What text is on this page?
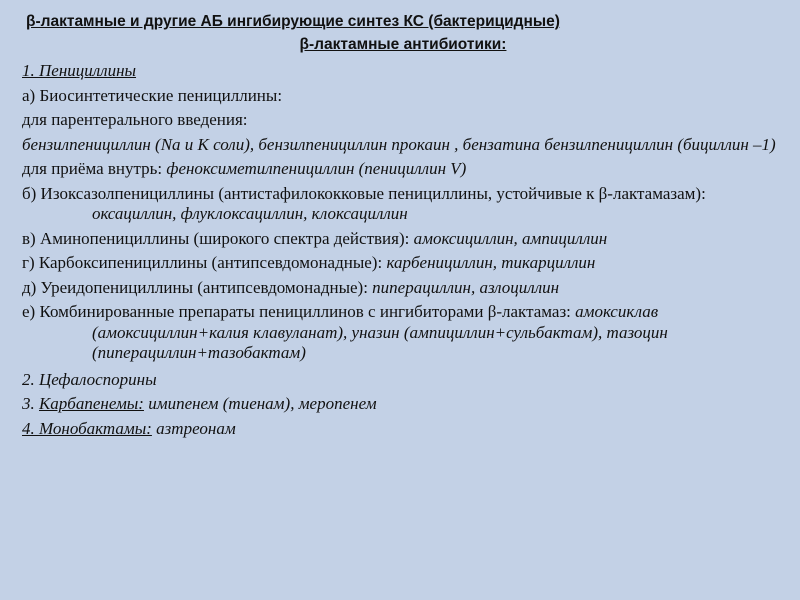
β-лактамные и другие АБ ингибирующие синтез КС (бактерицидные)
β-лактамные антибиотики:
1. Пенициллины
а) Биосинтетические пенициллины:
для парентерального введения:
бензилпенициллин (Na и К соли), бензилпенициллин прокаин , бензатина бензилпенициллин (бициллин –1)
для приёма внутрь: феноксиметилпенициллин (пенициллин V)
б) Изоксазолпенициллины (антистафилококковые пенициллины, устойчивые к β-лактамазам): оксациллин, флуклоксациллин, клоксациллин
в) Аминопенициллины (широкого спектра действия): амоксициллин, ампициллин
г) Карбоксипенициллины (антипсевдомонадные): карбенициллин, тикарциллин
д) Уреидопенициллины (антипсевдомонадные): пиперациллин, азлоциллин
е) Комбинированные препараты пенициллинов с ингибиторами β-лактамаз: амоксиклав (амоксициллин+калия клавуланат), уназин (ампициллин+сульбактам), тазоцин (пиперациллин+тазобактам)
2. Цефалоспорины
3. Карбапенемы: имипенем (тиенам), меропенем
4. Монобактамы: азтреонам
